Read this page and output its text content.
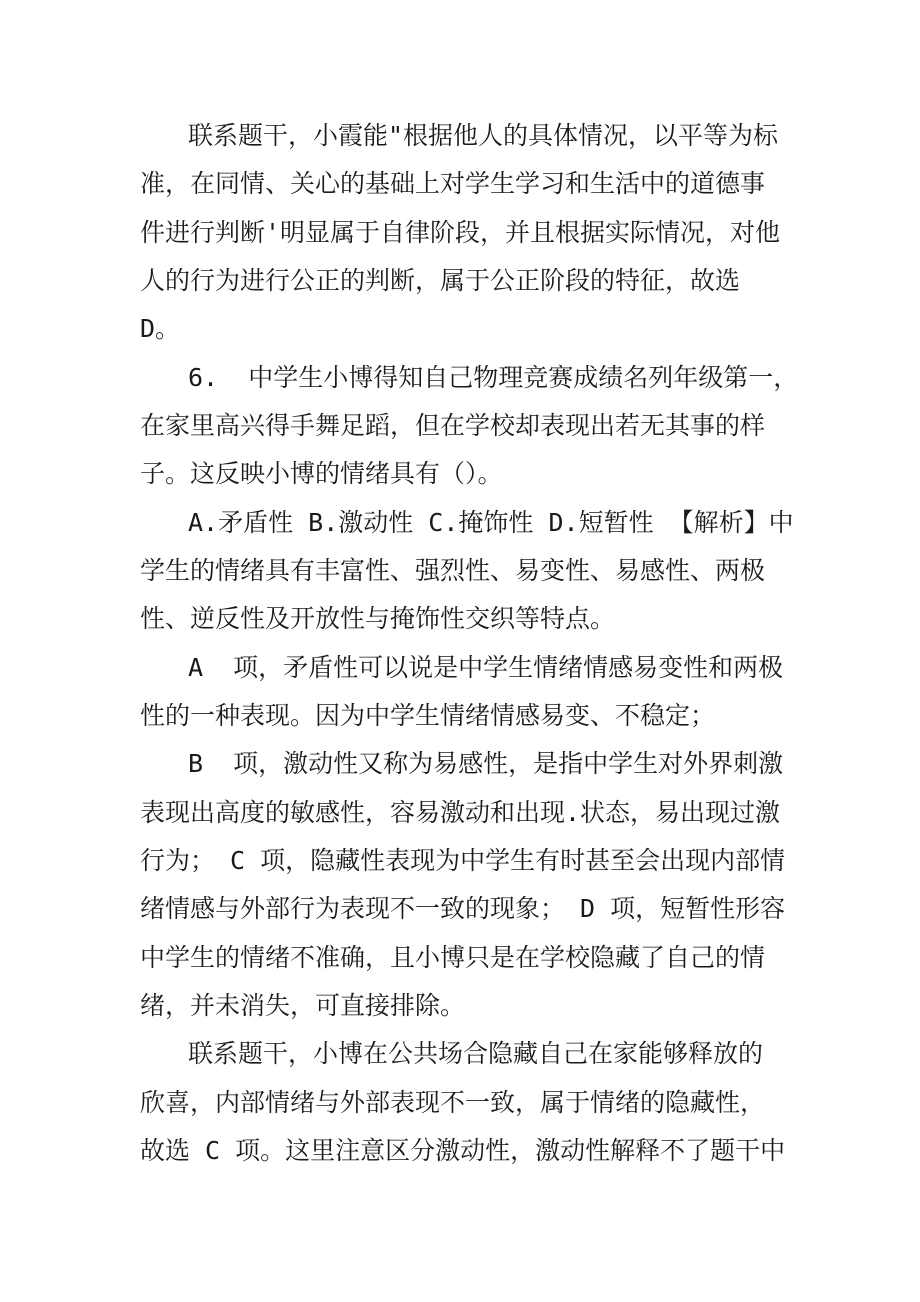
联系题干，小霞能"根据他人的具体情况，以平等为标

准，在同情、关心的基础上对学生学习和生活中的道德事

件进行判断'明显属于自律阶段，并且根据实际情况，对他

人的行为进行公正的判断，属于公正阶段的特征，故选

D。

6.  中学生小博得知自己物理竞赛成绩名列年级第一，

在家里高兴得手舞足蹈，但在学校却表现出若无其事的样

子。这反映小博的情绪具有（）。

A.矛盾性 B.激动性 C.掩饰性 D.短暂性 【解析】中

学生的情绪具有丰富性、强烈性、易变性、易感性、两极

性、逆反性及开放性与掩饰性交织等特点。

A  项，矛盾性可以说是中学生情绪情感易变性和两极

性的一种表现。因为中学生情绪情感易变、不稳定；

B  项，激动性又称为易感性，是指中学生对外界刺激

表现出高度的敏感性，容易激动和出现.状态，易出现过激

行为； C 项，隐藏性表现为中学生有时甚至会出现内部情

绪情感与外部行为表现不一致的现象； D 项，短暂性形容

中学生的情绪不准确，且小博只是在学校隐藏了自己的情

绪，并未消失，可直接排除。

联系题干，小博在公共场合隐藏自己在家能够释放的

欣喜，内部情绪与外部表现不一致，属于情绪的隐藏性，

故选 C 项。这里注意区分激动性，激动性解释不了题干中
